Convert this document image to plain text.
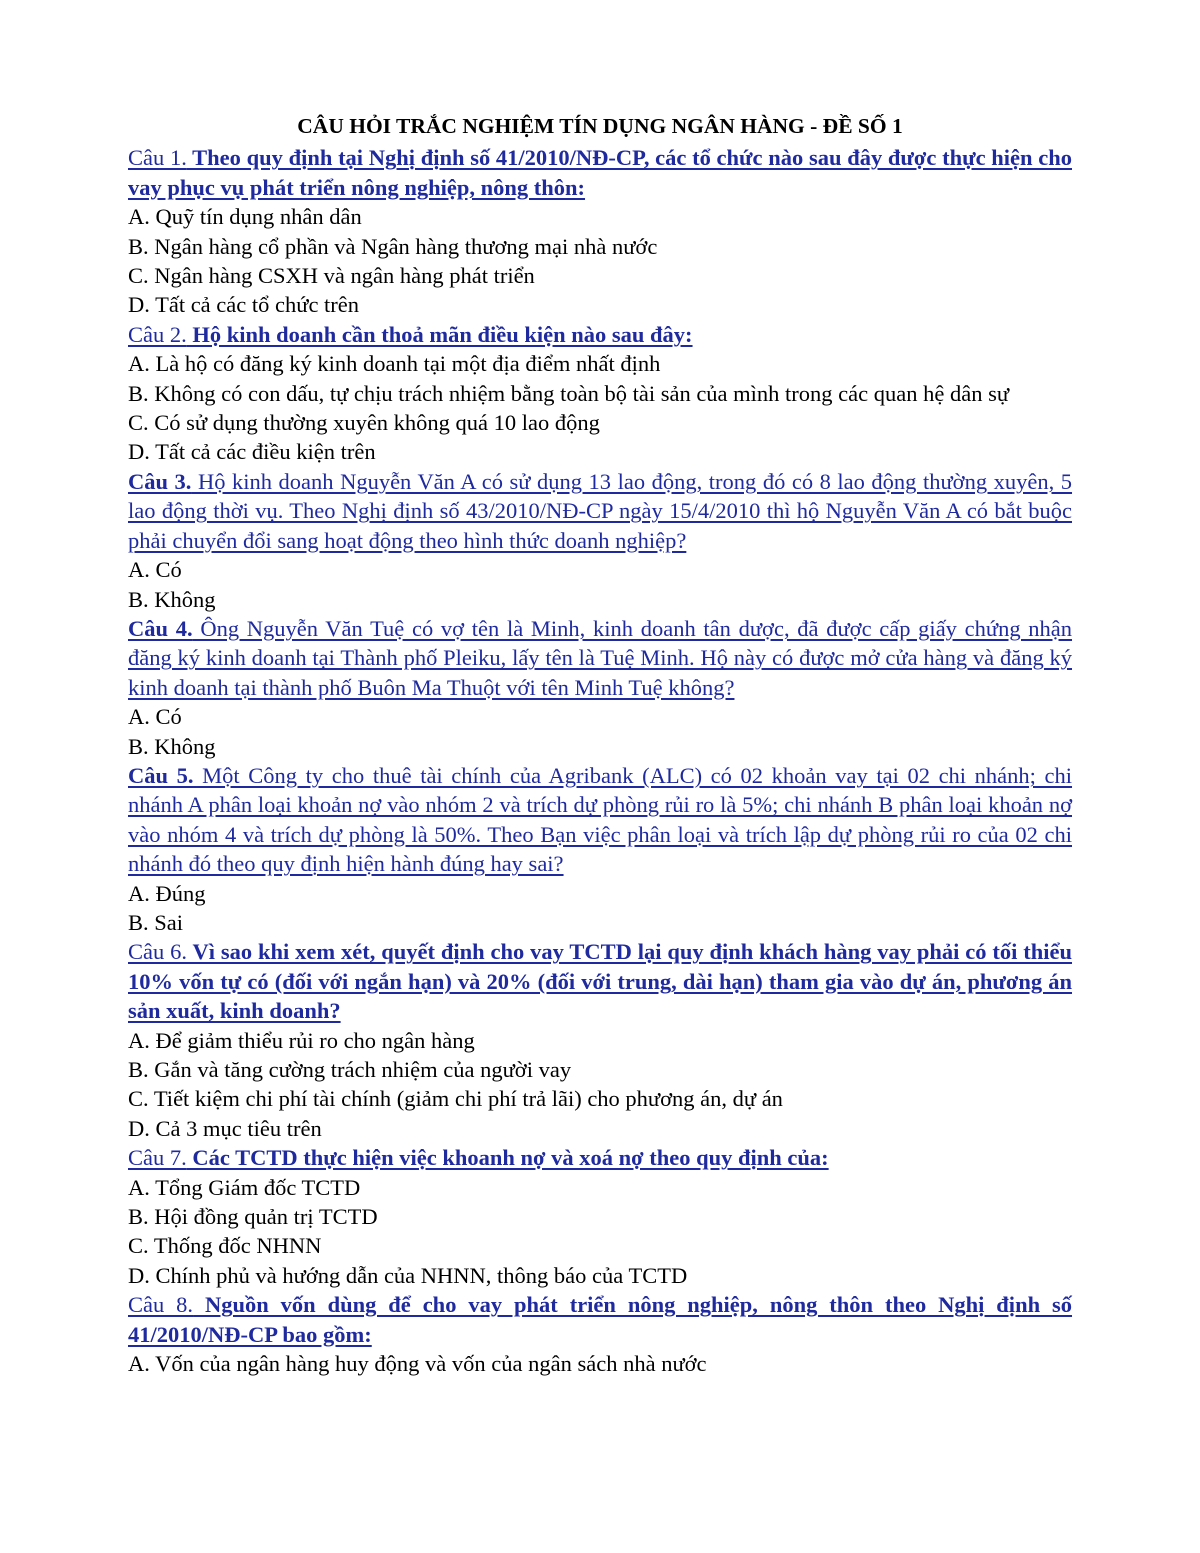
CÂU HỎI TRẮC NGHIỆM TÍN DỤNG NGÂN HÀNG - ĐỀ SỐ 1
Câu 1. Theo quy định tại Nghị định số 41/2010/NĐ-CP, các tổ chức nào sau đây được thực hiện cho vay phục vụ phát triển nông nghiệp, nông thôn:
A. Quỹ tín dụng nhân dân
B. Ngân hàng cổ phần và Ngân hàng thương mại nhà nước
C. Ngân hàng CSXH và ngân hàng phát triển
D. Tất cả các tổ chức trên
Câu 2. Hộ kinh doanh cần thoả mãn điều kiện nào sau đây:
A. Là hộ có đăng ký kinh doanh tại một địa điểm nhất định
B. Không có con dấu, tự chịu trách nhiệm bằng toàn bộ tài sản của mình trong các quan hệ dân sự
C. Có sử dụng thường xuyên không quá 10 lao động
D. Tất cả các điều kiện trên
Câu 3. Hộ kinh doanh Nguyễn Văn A có sử dụng 13 lao động, trong đó có 8 lao động thường xuyên, 5 lao động thời vụ. Theo Nghị định số 43/2010/NĐ-CP ngày 15/4/2010 thì hộ Nguyễn Văn A có bắt buộc phải chuyển đổi sang hoạt động theo hình thức doanh nghiệp?
A. Có
B. Không
Câu 4. Ông Nguyễn Văn Tuệ có vợ tên là Minh, kinh doanh tân dược, đã được cấp giấy chứng nhận đăng ký kinh doanh tại Thành phố Pleiku, lấy tên là Tuệ Minh. Hộ này có được mở cửa hàng và đăng ký kinh doanh tại thành phố Buôn Ma Thuột với tên Minh Tuệ không?
A. Có
B. Không
Câu 5. Một Công ty cho thuê tài chính của Agribank (ALC) có 02 khoản vay tại 02 chi nhánh; chi nhánh A phân loại khoản nợ vào nhóm 2 và trích dự phòng rủi ro là 5%; chi nhánh B phân loại khoản nợ vào nhóm 4 và trích dự phòng là 50%. Theo Bạn việc phân loại và trích lập dự phòng rủi ro của 02 chi nhánh đó theo quy định hiện hành đúng hay sai?
A. Đúng
B. Sai
Câu 6. Vì sao khi xem xét, quyết định cho vay TCTD lại quy định khách hàng vay phải có tối thiểu 10% vốn tự có (đối với ngắn hạn) và 20% (đối với trung, dài hạn) tham gia vào dự án, phương án sản xuất, kinh doanh?
A. Để giảm thiểu rủi ro cho ngân hàng
B. Gắn và tăng cường trách nhiệm của người vay
C. Tiết kiệm chi phí tài chính (giảm chi phí trả lãi) cho phương án, dự án
D. Cả 3 mục tiêu trên
Câu 7. Các TCTD thực hiện việc khoanh nợ và xoá nợ theo quy định của:
A. Tổng Giám đốc TCTD
B. Hội đồng quản trị TCTD
C. Thống đốc NHNN
D. Chính phủ và hướng dẫn của NHNN, thông báo của TCTD
Câu 8. Nguồn vốn dùng để cho vay phát triển nông nghiệp, nông thôn theo Nghị định số 41/2010/NĐ-CP bao gồm:
A. Vốn của ngân hàng huy động và vốn của ngân sách nhà nước
